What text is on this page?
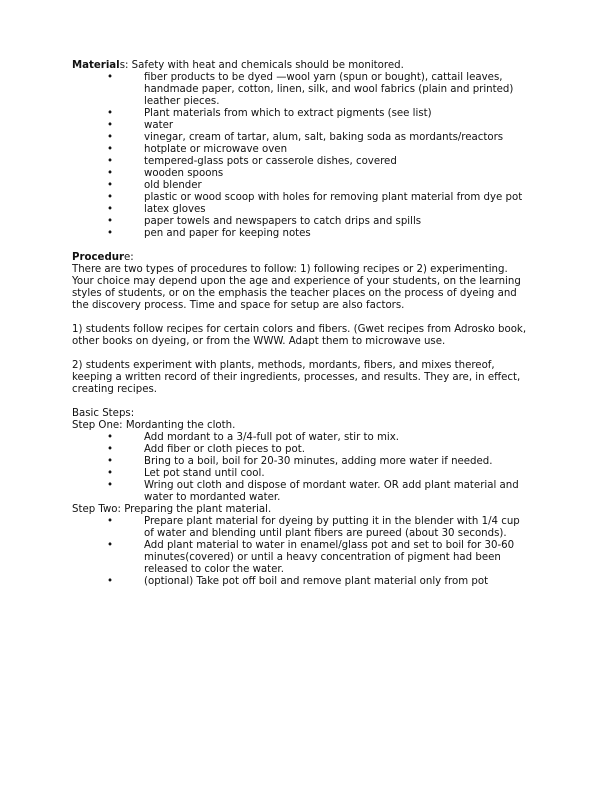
Materials: Safety with heat and chemicals should be monitored.

•	fiber products to be dyed —wool yarn (spun or bought), cattail leaves, handmade paper, cotton, linen, silk, and wool fabrics (plain and printed) leather pieces.
•	Plant materials from which to extract pigments (see list)
•	water
•	vinegar, cream of tartar, alum, salt, baking soda as mordants/reactors
•	hotplate or microwave oven
•	tempered-glass pots or casserole dishes, covered
•	wooden spoons
•	old blender
•	plastic or wood scoop with holes for removing plant material from dye pot
•	latex gloves
•	paper towels and newspapers to catch drips and spills
•	pen and paper for keeping notes

Procedure:

There are two types of procedures to follow: 1) following recipes or 2) experimenting. Your choice may depend upon the age and experience of your students, on the learning styles of students, or on the emphasis the teacher places on the process of dyeing and the discovery process. Time and space for setup are also factors.

1) students follow recipes for certain colors and fibers. (Gwet recipes from Adrosko book, other books on dyeing, or from the WWW. Adapt them to microwave use.

2) students experiment with plants, methods, mordants, fibers, and mixes thereof, keeping a written record of their ingredients, processes, and results. They are, in effect, creating recipes.

Basic Steps:

Step One: Mordanting the cloth.

•	Add mordant to a 3/4-full pot of water, stir to mix.
•	Add fiber or cloth pieces to pot.
•	Bring to a boil, boil for 20-30 minutes, adding more water if needed.
•	Let pot stand until cool.
•	Wring out cloth and dispose of mordant water. OR add plant material and water to mordanted water.

Step Two: Preparing the plant material.

•	Prepare plant material for dyeing by putting it in the blender with 1/4 cup of water and blending until plant fibers are pureed (about 30 seconds).
•	Add plant material to water in enamel/glass pot and set to boil for 30-60 minutes(covered) or until a heavy concentration of pigment had been released to color the water.
•	(optional) Take pot off boil and remove plant material only from pot
